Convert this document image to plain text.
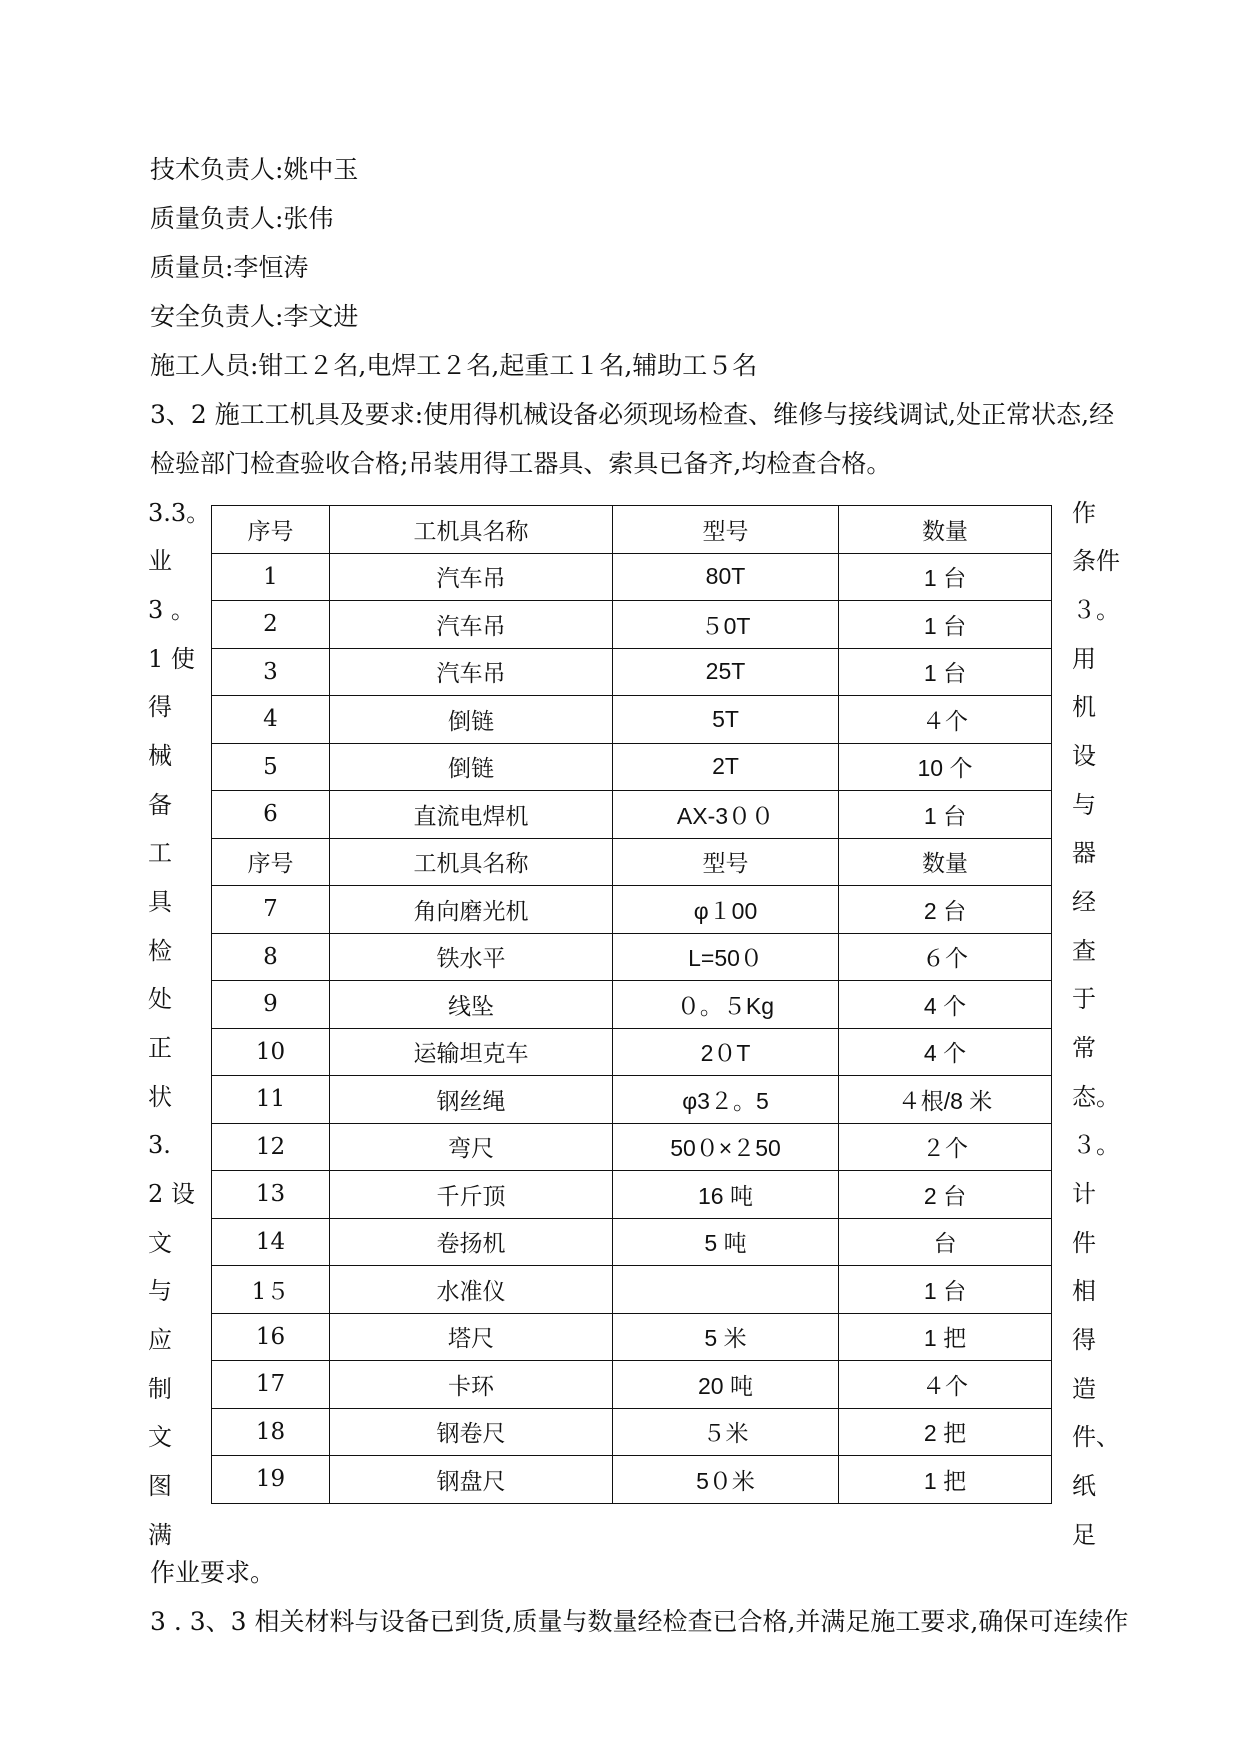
技术负责人:姚中玉
质量负责人:张伟
质量员:李恒涛
安全负责人:李文进
施工人员:钳工２名,电焊工２名,起重工１名,辅助工５名
3、2 施工工机具及要求:使用得机械设备必须现场检查、维修与接线调试,处正常状态,经
检验部门检查验收合格;吊装用得工器具、索具已备齐,均检查合格。
3.3。
业
3 。
1 使
得
械
备
工
具
检
处
正
状
3.
2 设
文
与
应
制
文
图
满
作
条件
３。
用
机
设
与
器
经
查
于
常
态。
３。
计
件
相
得
造
件、
纸
足
序号	工机具名称	型号	数量
1	汽车吊	80T	1 台
2	汽车吊	５0T	1 台
3	汽车吊	25T	1 台
4	倒链	5T	４个
5	倒链	2T	10 个
6	直流电焊机	AX-3００	1 台
序号	工机具名称	型号	数量
7	角向磨光机	φ１00	2 台
8	铁水平	L=50０	６个
9	线坠	０。５Kg	4 个
10	运输坦克车	2０T	4 个
11	钢丝绳	φ3２。5	４根/8 米
12	弯尺	50０×２50	２个
13	千斤顶	16 吨	2 台
14	卷扬机	5 吨	台
1５	水准仪		1 台
16	塔尺	5 米	1 把
17	卡环	20 吨	４个
18	钢卷尺	５米	2 把
19	钢盘尺	5０米	1 把
作业要求。
3 . 3、3 相关材料与设备已到货,质量与数量经检查已合格,并满足施工要求,确保可连续作
